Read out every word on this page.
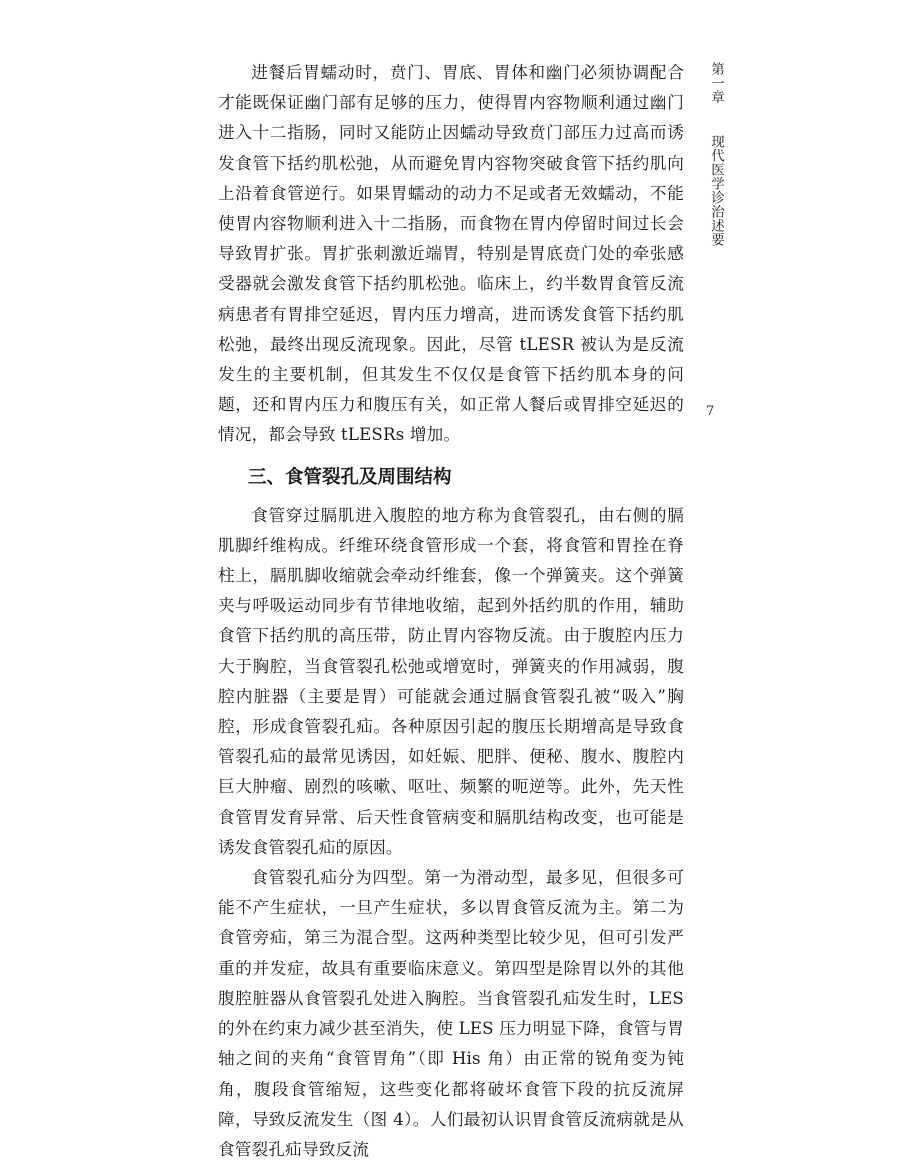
进餐后胃蠕动时，贲门、胃底、胃体和幽门必须协调配合才能既保证幽门部有足够的压力，使得胃内容物顺利通过幽门进入十二指肠，同时又能防止因蠕动导致贲门部压力过高而诱发食管下括约肌松弛，从而避免胃内容物突破食管下括约肌向上沿着食管逆行。如果胃蠕动的动力不足或者无效蠕动，不能使胃内容物顺利进入十二指肠，而食物在胃内停留时间过长会导致胃扩张。胃扩张刺激近端胃，特别是胃底贲门处的牵张感受器就会激发食管下括约肌松弛。临床上，约半数胃食管反流病患者有胃排空延迟，胃内压力增高，进而诱发食管下括约肌松弛，最终出现反流现象。因此，尽管 tLESR 被认为是反流发生的主要机制，但其发生不仅仅是食管下括约肌本身的问题，还和胃内压力和腹压有关，如正常人餐后或胃排空延迟的情况，都会导致 tLESRs 增加。

三、食管裂孔及周围结构

食管穿过膈肌进入腹腔的地方称为食管裂孔，由右侧的膈肌脚纤维构成。纤维环绕食管形成一个套，将食管和胃拴在脊柱上，膈肌脚收缩就会牵动纤维套，像一个弹簧夹。这个弹簧夹与呼吸运动同步有节律地收缩，起到外括约肌的作用，辅助食管下括约肌的高压带，防止胃内容物反流。由于腹腔内压力大于胸腔，当食管裂孔松弛或增宽时，弹簧夹的作用减弱，腹腔内脏器（主要是胃）可能就会通过膈食管裂孔被“吸入”胸腔，形成食管裂孔疝。各种原因引起的腹压长期增高是导致食管裂孔疝的最常见诱因，如妊娠、肥胖、便秘、腹水、腹腔内巨大肿瘤、剧烈的咳嗽、呕吐、频繁的呃逆等。此外，先天性食管胃发育异常、后天性食管病变和膈肌结构改变，也可能是诱发食管裂孔疝的原因。

食管裂孔疝分为四型。第一为滑动型，最多见，但很多可能不产生症状，一旦产生症状，多以胃食管反流为主。第二为食管旁疝，第三为混合型。这两种类型比较少见，但可引发严重的并发症，故具有重要临床意义。第四型是除胃以外的其他腹腔脏器从食管裂孔处进入胸腔。当食管裂孔疝发生时，LES 的外在约束力减少甚至消失，使 LES 压力明显下降，食管与胃轴之间的夹角“食管胃角”（即 His 角）由正常的锐角变为钝角，腹段食管缩短，这些变化都将破坏食管下段的抗反流屏障，导致反流发生（图 4）。人们最初认识胃食管反流病就是从食管裂孔疝导致反流

第一章 现代医学诊治述要
7
